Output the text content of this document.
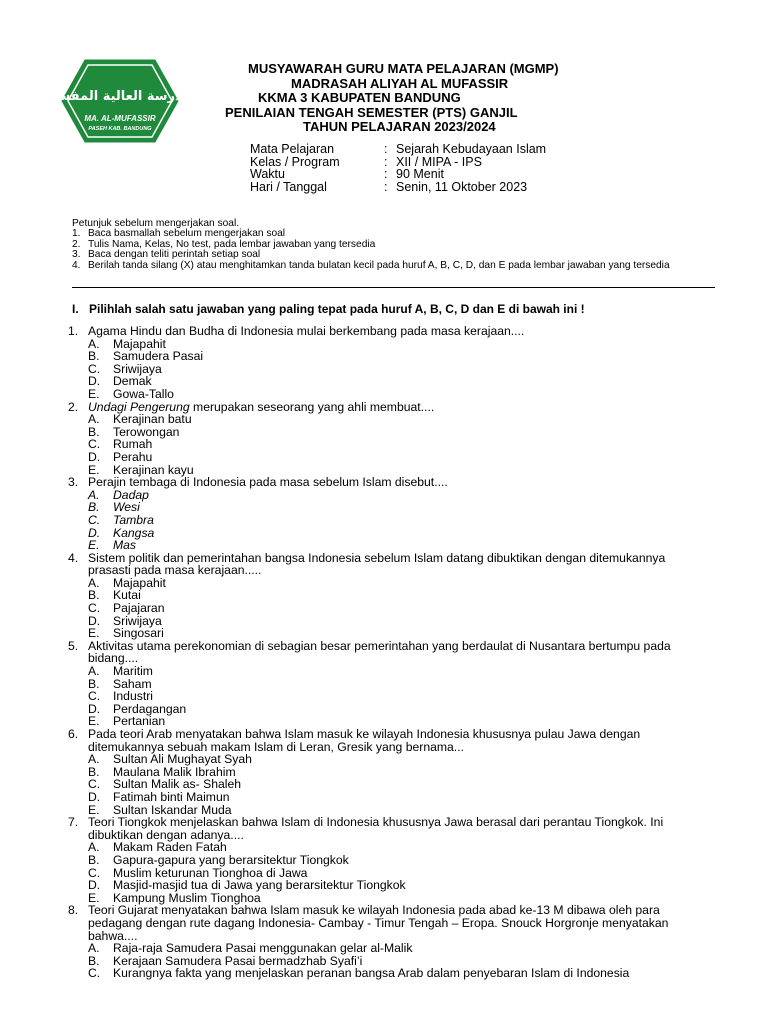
مدرسة العالية المفسر
MA. AL-MUFASSIR
PASEH KAB. BANDUNG
MUSYAWARAH GURU MATA PELAJARAN (MGMP)
MADRASAH ALIYAH AL MUFASSIR
KKMA 3 KABUPATEN BANDUNG
PENILAIAN TENGAH SEMESTER (PTS) GANJIL
TAHUN PELAJARAN 2023/2024
Mata Pelajaran	: Sejarah Kebudayaan Islam
Kelas / Program	: XII / MIPA - IPS
Waktu	: 90 Menit
Hari / Tanggal	: Senin, 11 Oktober 2023
Petunjuk sebelum mengerjakan soal.
1. Baca basmallah sebelum mengerjakan soal
2. Tulis Nama, Kelas, No test, pada lembar jawaban yang tersedia
3. Baca dengan teliti perintah setiap soal
4. Berilah tanda silang (X) atau menghitamkan tanda bulatan kecil pada huruf A, B, C, D, dan E pada lembar jawaban yang tersedia
I. Pilihlah salah satu jawaban yang paling tepat pada huruf A, B, C, D dan E di bawah ini !
1. Agama Hindu dan Budha di Indonesia mulai berkembang pada masa kerajaan....
A.	Majapahit
B.	Samudera Pasai
C.	Sriwijaya
D.	Demak
E.	Gowa-Tallo
2. Undagi Pengerung merupakan seseorang yang ahli membuat....
A.	Kerajinan batu
B.	Terowongan
C.	Rumah
D.	Perahu
E.	Kerajinan kayu
3. Perajin tembaga di Indonesia pada masa sebelum Islam disebut....
A.	Dadap
B.	Wesi
C.	Tambra
D.	Kangsa
E.	Mas
4. Sistem politik dan pemerintahan bangsa Indonesia sebelum Islam datang dibuktikan dengan ditemukannya prasasti pada masa kerajaan.....
A.	Majapahit
B.	Kutai
C.	Pajajaran
D.	Sriwijaya
E.	Singosari
5. Aktivitas utama perekonomian di sebagian besar pemerintahan yang berdaulat di Nusantara bertumpu pada bidang....
A.	Maritim
B.	Saham
C.	Industri
D.	Perdagangan
E.	Pertanian
6. Pada teori Arab menyatakan bahwa Islam masuk ke wilayah Indonesia khususnya pulau Jawa dengan ditemukannya sebuah makam Islam di Leran, Gresik yang bernama...
A.	Sultan Ali Mughayat Syah
B.	Maulana Malik Ibrahim
C.	Sultan Malik as- Shaleh
D.	Fatimah binti Maimun
E.	Sultan Iskandar Muda
7. Teori Tiongkok menjelaskan bahwa Islam di Indonesia khususnya Jawa berasal dari perantau Tiongkok. Ini dibuktikan dengan adanya....
A.	Makam Raden Fatah
B.	Gapura-gapura yang berarsitektur Tiongkok
C.	Muslim keturunan Tionghoa di Jawa
D.	Masjid-masjid tua di Jawa yang berarsitektur Tiongkok
E.	Kampung Muslim Tionghoa
8. Teori Gujarat menyatakan bahwa Islam masuk ke wilayah Indonesia pada abad ke-13 M dibawa oleh para pedagang dengan rute dagang Indonesia- Cambay - Timur Tengah – Eropa. Snouck Horgronje menyatakan bahwa....
A.	Raja-raja Samudera Pasai menggunakan gelar al-Malik
B.	Kerajaan Samudera Pasai bermadzhab Syafi’i
C.	Kurangnya fakta yang menjelaskan peranan bangsa Arab dalam penyebaran Islam di Indonesia
